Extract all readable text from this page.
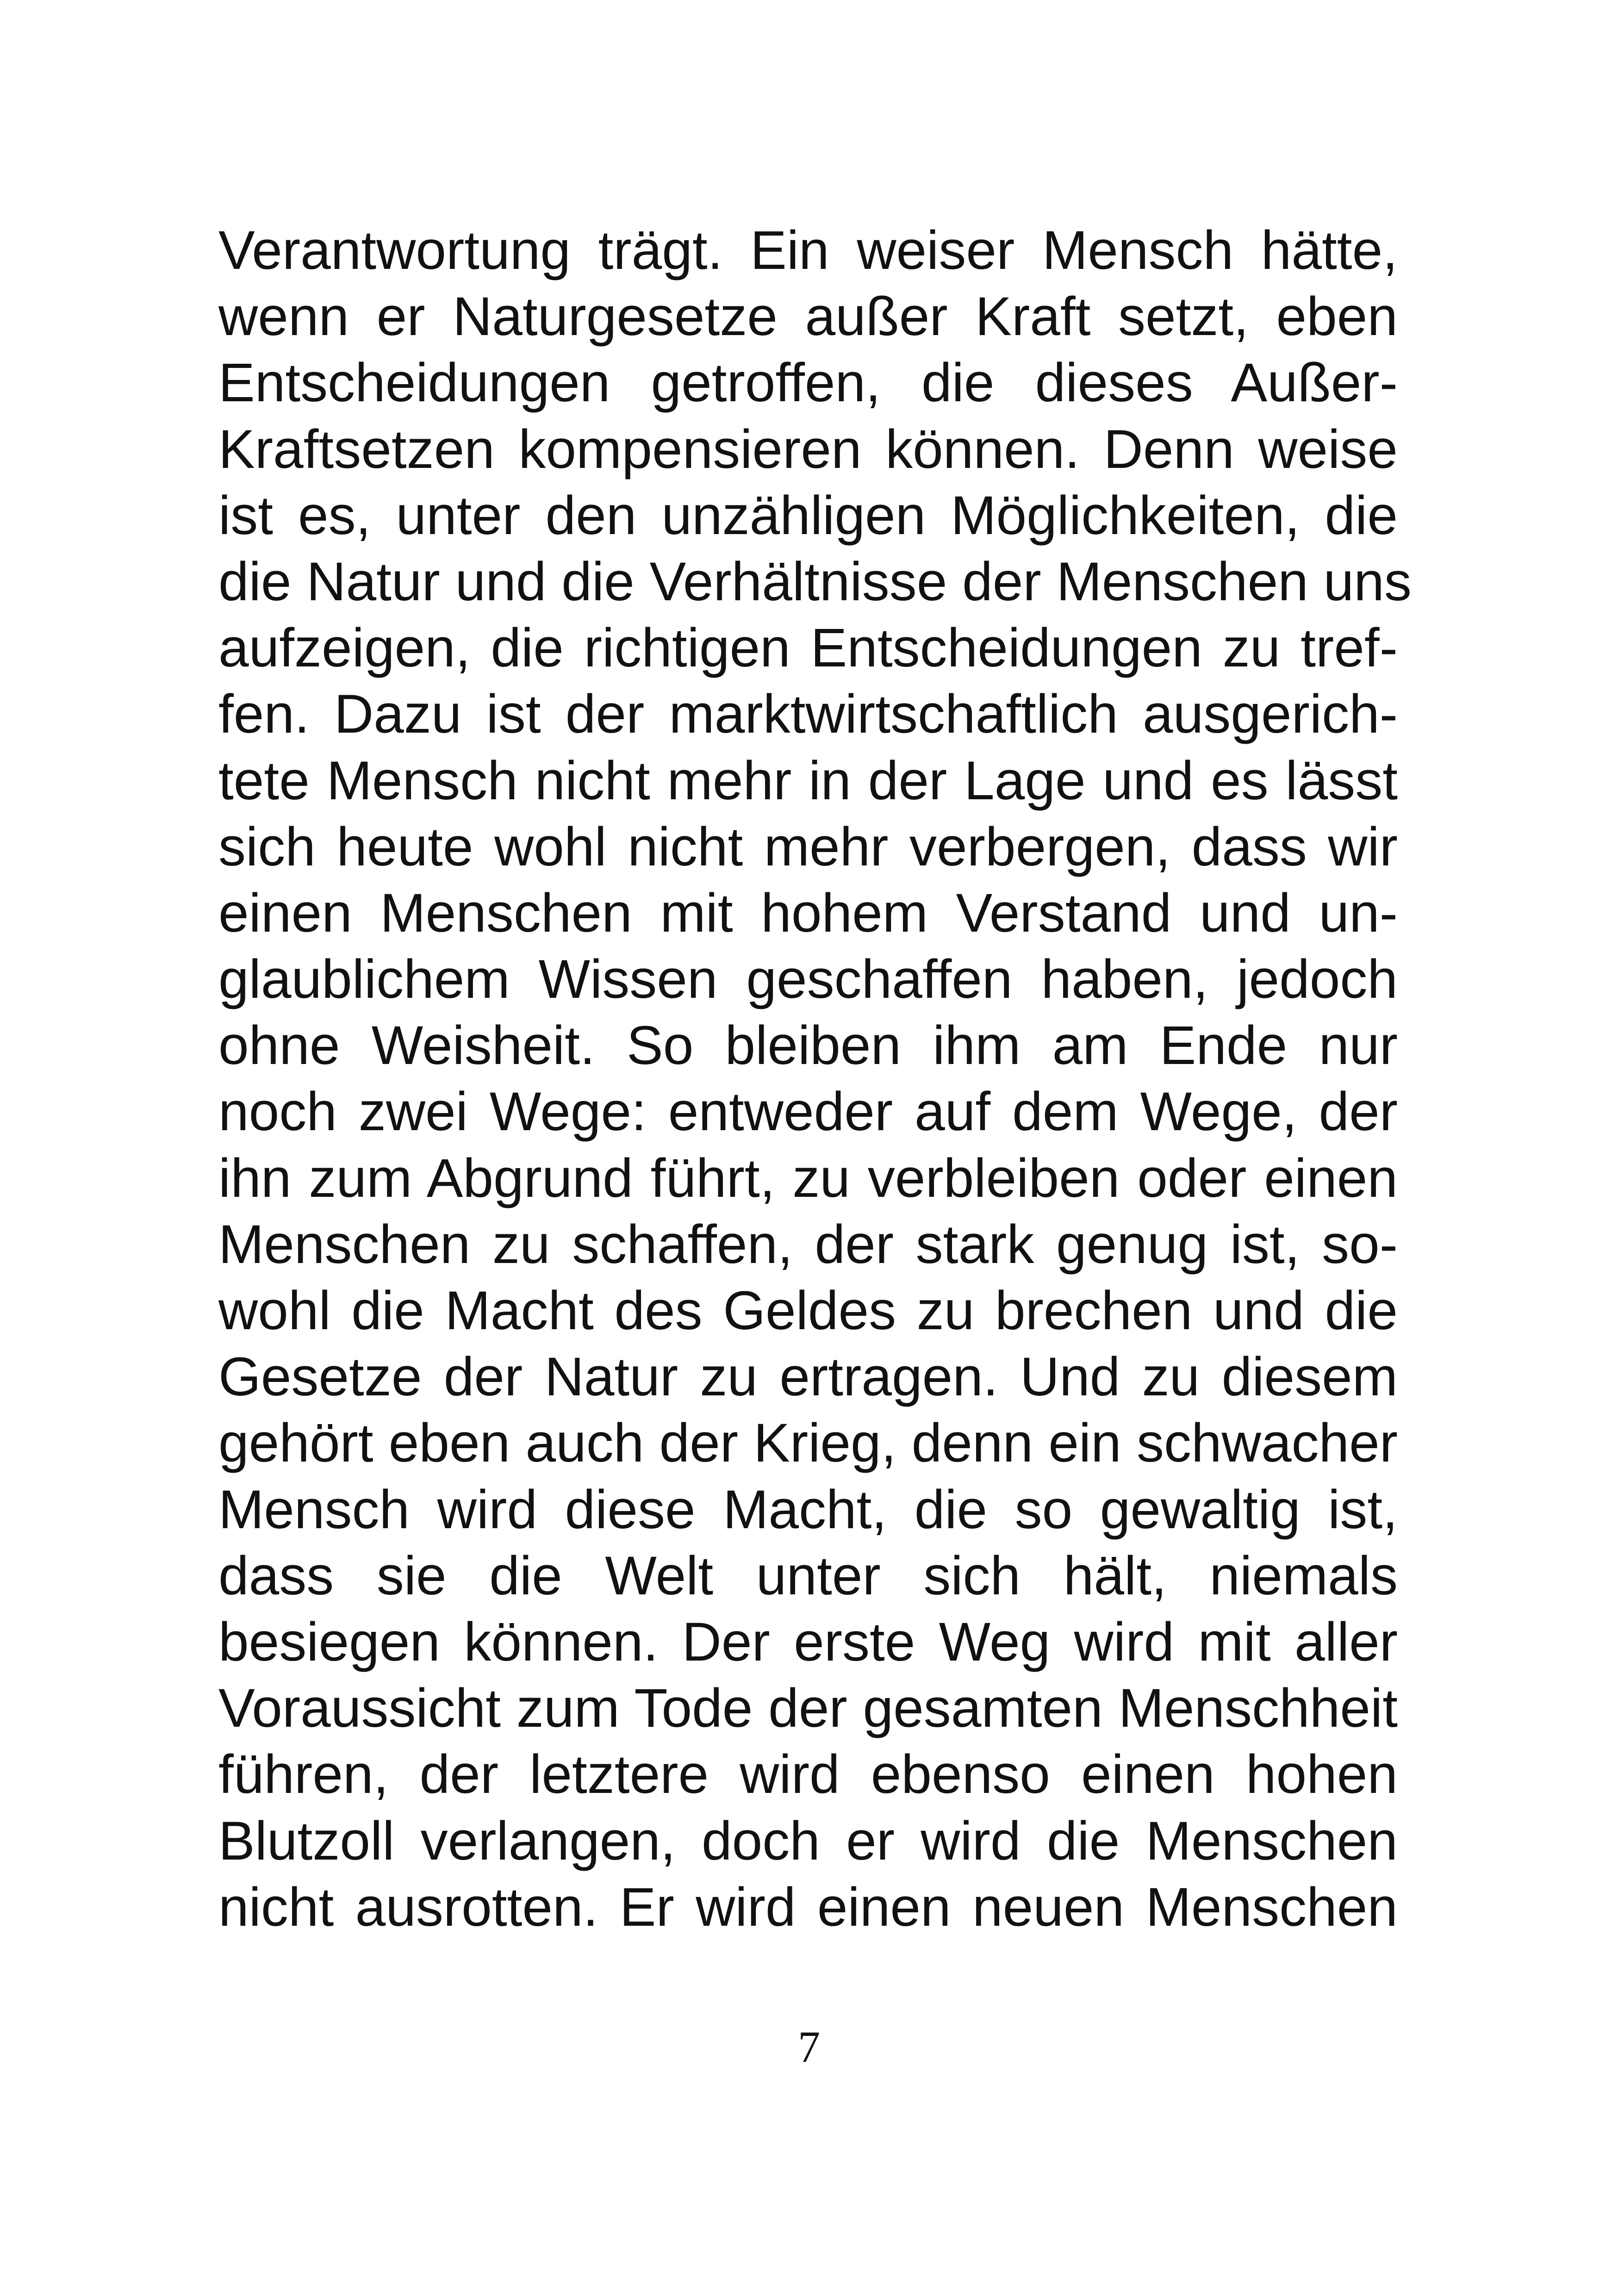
Verantwortung trägt. Ein weiser Mensch hätte,
wenn er Naturgesetze außer Kraft setzt, eben
Entscheidungen getroffen, die dieses Außer-
Kraftsetzen kompensieren können. Denn weise
ist es, unter den unzähligen Möglichkeiten, die
die Natur und die Verhältnisse der Menschen uns
aufzeigen, die richtigen Entscheidungen zu tref-
fen. Dazu ist der marktwirtschaftlich ausgerich-
tete Mensch nicht mehr in der Lage und es lässt
sich heute wohl nicht mehr verbergen, dass wir
einen Menschen mit hohem Verstand und un-
glaublichem Wissen geschaffen haben, jedoch
ohne Weisheit. So bleiben ihm am Ende nur
noch zwei Wege: entweder auf dem Wege, der
ihn zum Abgrund führt, zu verbleiben oder einen
Menschen zu schaffen, der stark genug ist, so-
wohl die Macht des Geldes zu brechen und die
Gesetze der Natur zu ertragen. Und zu diesem
gehört eben auch der Krieg, denn ein schwacher
Mensch wird diese Macht, die so gewaltig ist,
dass sie die Welt unter sich hält, niemals
besiegen können. Der erste Weg wird mit aller
Voraussicht zum Tode der gesamten Menschheit
führen, der letztere wird ebenso einen hohen
Blutzoll verlangen, doch er wird die Menschen
nicht ausrotten. Er wird einen neuen Menschen

7
